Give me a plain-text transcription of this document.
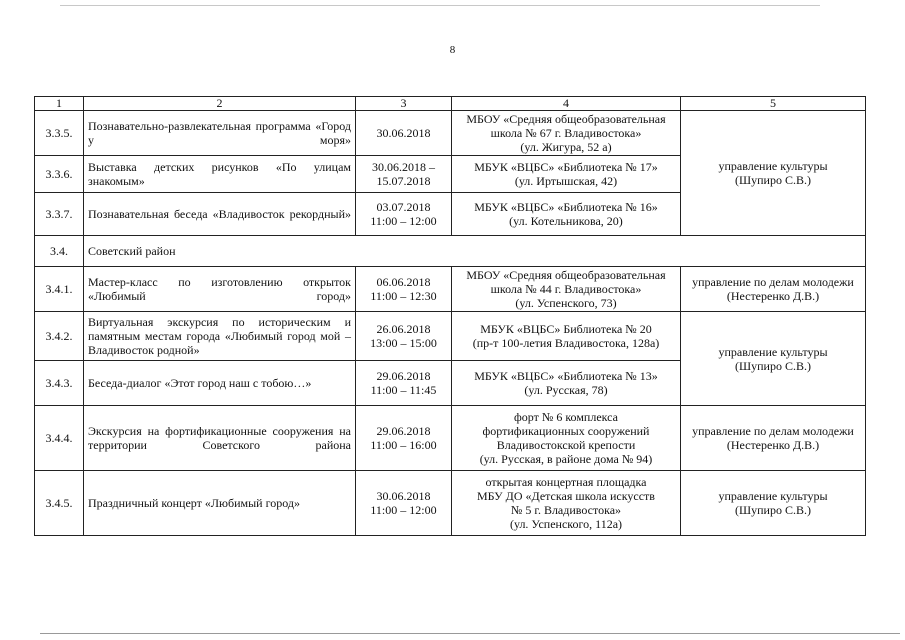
8
1	2	3	4	5
3.3.5.	Познавательно-развлекательная программа «Город у моря»	30.06.2018	МБОУ «Средняя общеобразовательная
школа № 67 г. Владивостока»
(ул. Жигура, 52 а)	управление культуры
(Шупиро С.В.)

3.3.6.	Выставка детских рисунков «По улицам знакомым»	30.06.2018 –
15.07.2018	МБУК «ВЦБС» «Библиотека № 17»
(ул. Иртышская, 42)	

3.3.7.	Познавательная беседа «Владивосток рекордный»	03.07.2018
11:00 – 12:00	МБУК «ВЦБС» «Библиотека № 16»
(ул. Котельникова, 20)	

3.4.	Советский район			
3.4.1.	Мастер-класс по изготовлению открыток «Любимый город»	06.06.2018
11:00 – 12:30	МБОУ «Средняя общеобразовательная
школа № 44 г. Владивостока»
(ул. Успенского, 73)	управление по делам молодежи
(Нестеренко Д.В.)

3.4.2.	Виртуальная экскурсия по историческим и памятным местам города «Любимый город мой – Владивосток родной»	26.06.2018
13:00 – 15:00	МБУК «ВЦБС» Библиотека № 20
(пр-т 100-летия Владивостока, 128а)	управление культуры
(Шупиро С.В.)

3.4.3.	Беседа-диалог «Этот город наш с тобою…»	29.06.2018
11:00 – 11:45	МБУК «ВЦБС» «Библиотека № 13»
(ул. Русская, 78)	

3.4.4.	Экскурсия на фортификационные сооружения на территории Советского района	29.06.2018
11:00 – 16:00	форт № 6 комплекса
фортификационных сооружений
Владивостокской крепости
(ул. Русская, в районе дома № 94)	управление по делам молодежи
(Нестеренко Д.В.)

3.4.5.	Праздничный концерт «Любимый город»	30.06.2018
11:00 – 12:00	открытая концертная площадка
МБУ ДО «Детская школа искусств
№ 5 г. Владивостока»
(ул. Успенского, 112а)	управление культуры
(Шупиро С.В.)
